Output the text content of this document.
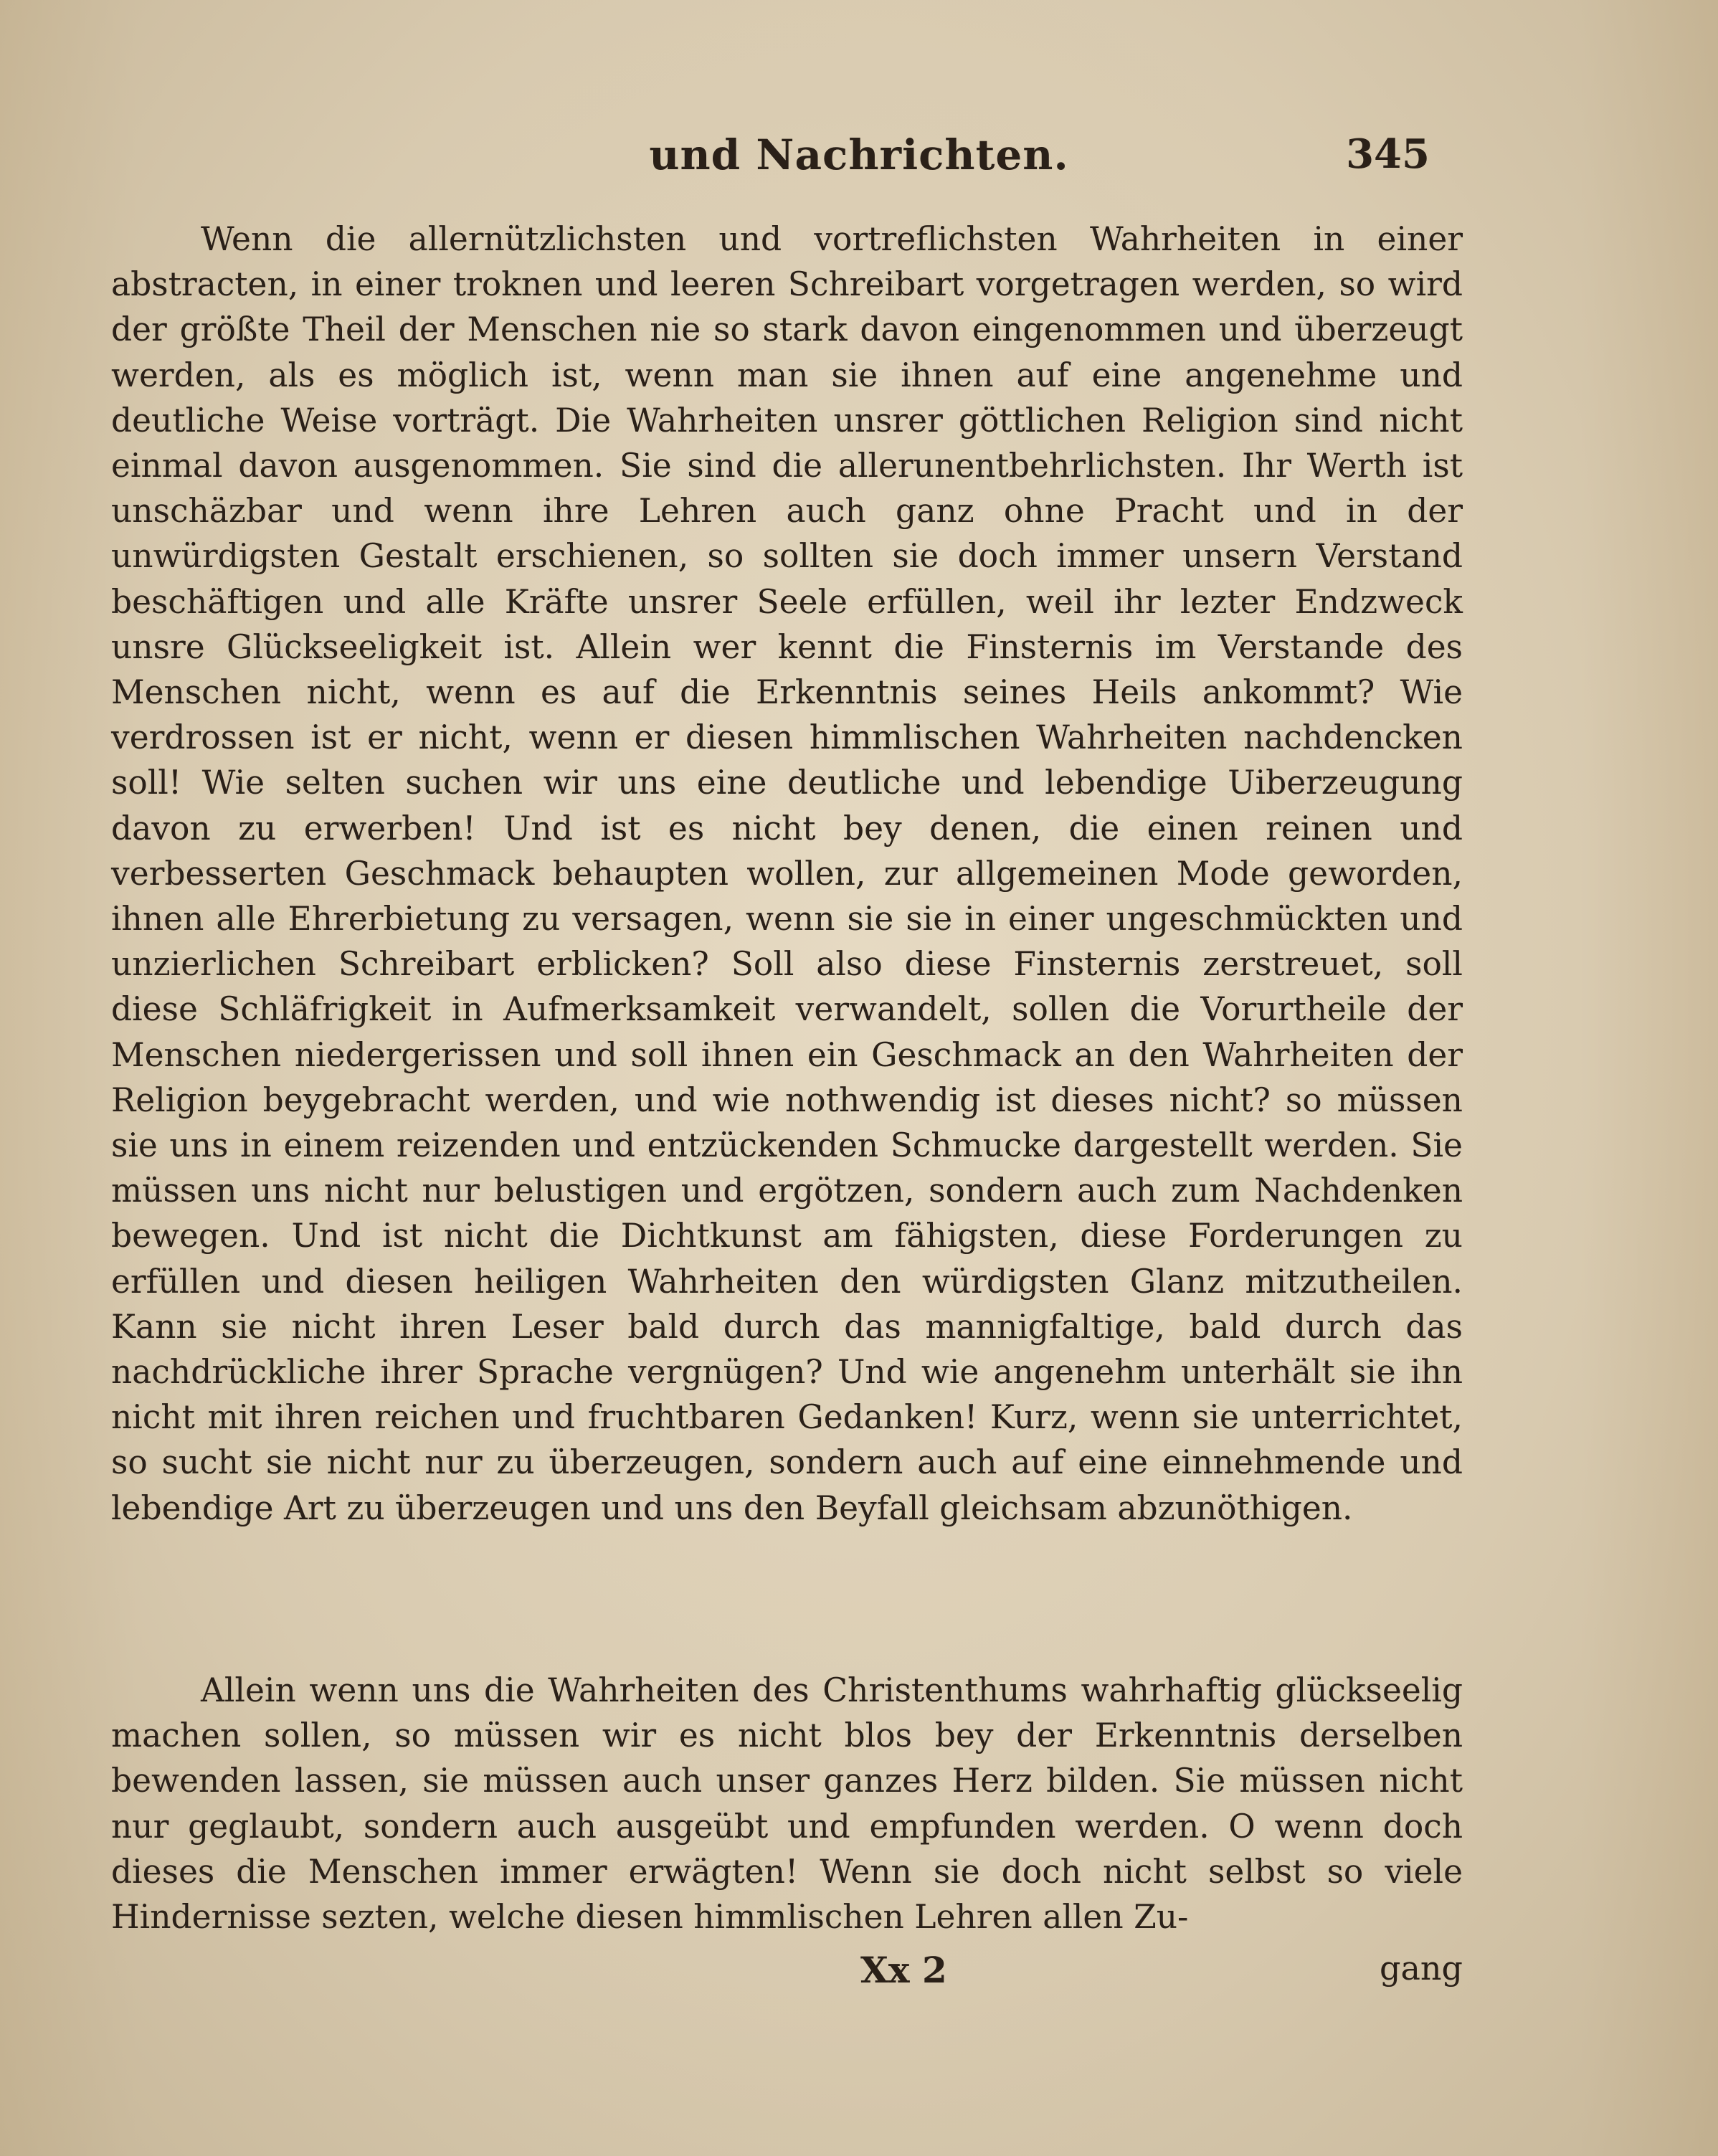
und Nachrichten.	345

Wenn die allernützlichsten und vortreflichsten Wahrheiten in einer abstracten, in einer troknen und leeren Schreibart vorgetragen werden, so wird der größte Theil der Menschen nie so stark davon eingenommen und überzeugt werden, als es möglich ist, wenn man sie ihnen auf eine angenehme und deutliche Weise vorträgt. Die Wahrheiten unsrer göttlichen Religion sind nicht einmal davon ausgenommen. Sie sind die allerunentbehrlichsten. Ihr Werth ist unschäzbar und wenn ihre Lehren auch ganz ohne Pracht und in der unwürdigsten Gestalt erschienen, so sollten sie doch immer unsern Verstand beschäftigen und alle Kräfte unsrer Seele erfüllen, weil ihr lezter Endzweck unsre Glückseeligkeit ist. Allein wer kennt die Finsternis im Verstande des Menschen nicht, wenn es auf die Erkenntnis seines Heils ankommt? Wie verdrossen ist er nicht, wenn er diesen himmlischen Wahrheiten nachdencken soll! Wie selten suchen wir uns eine deutliche und lebendige Uiberzeugung davon zu erwerben! Und ist es nicht bey denen, die einen reinen und verbesserten Geschmack behaupten wollen, zur allgemeinen Mode geworden, ihnen alle Ehrerbietung zu versagen, wenn sie sie in einer ungeschmückten und unzierlichen Schreibart erblicken? Soll also diese Finsternis zerstreuet, soll diese Schläfrigkeit in Aufmerksamkeit verwandelt, sollen die Vorurtheile der Menschen niedergerissen und soll ihnen ein Geschmack an den Wahrheiten der Religion beygebracht werden, und wie nothwendig ist dieses nicht? so müssen sie uns in einem reizenden und entzückenden Schmucke dargestellt werden. Sie müssen uns nicht nur belustigen und ergötzen, sondern auch zum Nachdenken bewegen. Und ist nicht die Dichtkunst am fähigsten, diese Forderungen zu erfüllen und diesen heiligen Wahrheiten den würdigsten Glanz mitzutheilen. Kann sie nicht ihren Leser bald durch das mannigfaltige, bald durch das nachdrückliche ihrer Sprache vergnügen? Und wie angenehm unterhält sie ihn nicht mit ihren reichen und fruchtbaren Gedanken! Kurz, wenn sie unterrichtet, so sucht sie nicht nur zu überzeugen, sondern auch auf eine einnehmende und lebendige Art zu überzeugen und uns den Beyfall gleichsam abzunöthigen.

Allein wenn uns die Wahrheiten des Christenthums wahrhaftig glückseelig machen sollen, so müssen wir es nicht blos bey der Erkenntnis derselben bewenden lassen, sie müssen auch unser ganzes Herz bilden. Sie müssen nicht nur geglaubt, sondern auch ausgeübt und empfunden werden. O wenn doch dieses die Menschen immer erwägten! Wenn sie doch nicht selbst so viele Hindernisse sezten, welche diesen himmlischen Lehren allen Zu-

Xx 2	gang
